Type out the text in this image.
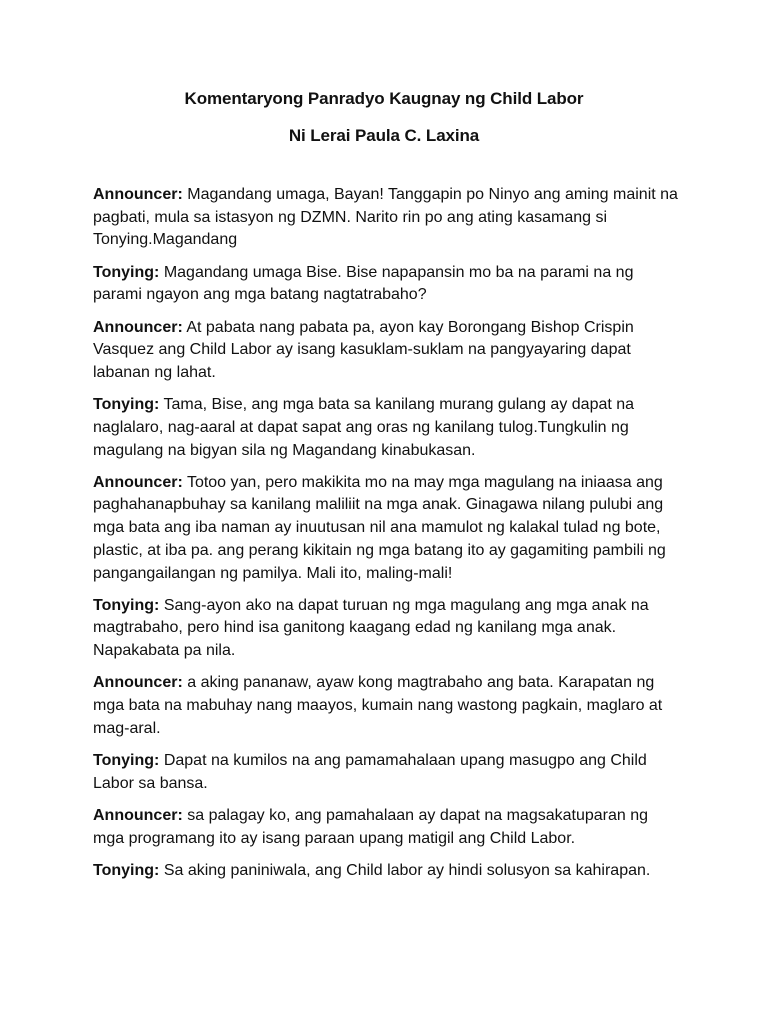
Komentaryong Panradyo Kaugnay ng Child Labor
Ni Lerai Paula C. Laxina

Announcer: Magandang umaga, Bayan! Tanggapin po Ninyo ang aming mainit na pagbati, mula sa istasyon ng DZMN. Narito rin po ang ating kasamang si Tonying.Magandang

Tonying: Magandang umaga Bise. Bise napapansin mo ba na parami na ng parami ngayon ang mga batang nagtatrabaho?

Announcer: At pabata nang pabata pa, ayon kay Borongang Bishop Crispin Vasquez ang Child Labor ay isang kasuklam-suklam na pangyayaring dapat labanan ng lahat.

Tonying: Tama, Bise, ang mga bata sa kanilang murang gulang ay dapat na naglalaro, nag-aaral at dapat sapat ang oras ng kanilang tulog.Tungkulin ng magulang na bigyan sila ng Magandang kinabukasan.

Announcer: Totoo yan, pero makikita mo na may mga magulang na iniaasa ang paghahanapbuhay sa kanilang maliliit na mga anak. Ginagawa nilang pulubi ang mga bata ang iba naman ay inuutusan nil ana mamulot ng kalakal tulad ng bote, plastic, at iba pa. ang perang kikitain ng mga batang ito ay gagamiting pambili ng pangangailangan ng pamilya. Mali ito, maling-mali!

Tonying: Sang-ayon ako na dapat turuan ng mga magulang ang mga anak na magtrabaho, pero hind isa ganitong kaagang edad ng kanilang mga anak. Napakabata pa nila.

Announcer: a aking pananaw, ayaw kong magtrabaho ang bata. Karapatan ng mga bata na mabuhay nang maayos, kumain nang wastong pagkain, maglaro at mag-aral.

Tonying: Dapat na kumilos na ang pamamahalaan upang masugpo ang Child Labor sa bansa.

Announcer: sa palagay ko, ang pamahalaan ay dapat na magsakatuparan ng mga programang ito ay isang paraan upang matigil ang Child Labor.

Tonying: Sa aking paniniwala, ang Child labor ay hindi solusyon sa kahirapan.
